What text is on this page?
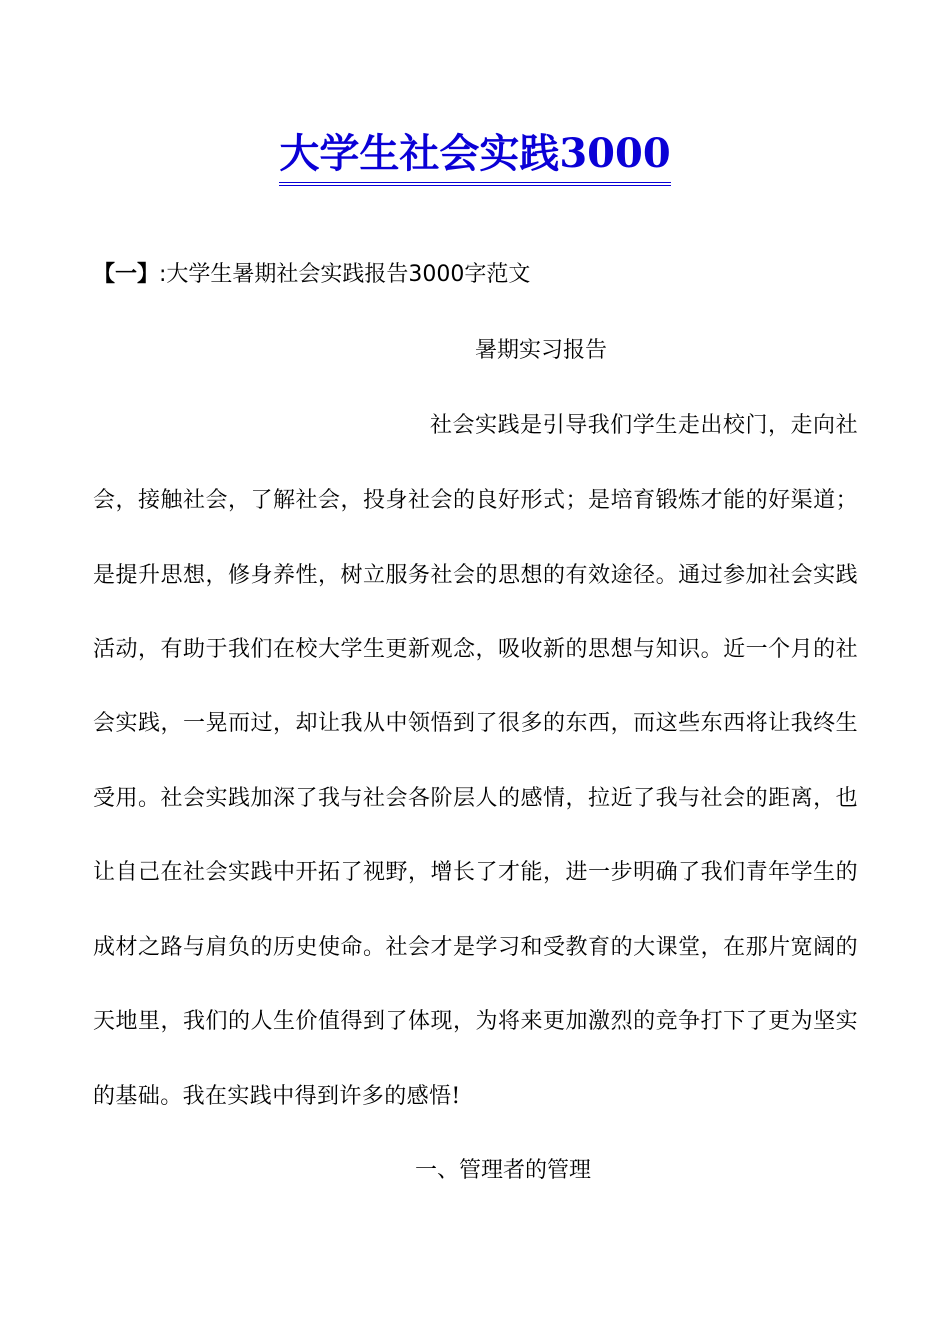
大学生社会实践3000
【一】:大学生暑期社会实践报告3000字范文
暑期实习报告
社会实践是引导我们学生走出校门，走向社
会，接触社会，了解社会，投身社会的良好形式；是培育锻炼才能的好渠道；
是提升思想，修身养性，树立服务社会的思想的有效途径。通过参加社会实践
活动，有助于我们在校大学生更新观念，吸收新的思想与知识。近一个月的社
会实践，一晃而过，却让我从中领悟到了很多的东西，而这些东西将让我终生
受用。社会实践加深了我与社会各阶层人的感情，拉近了我与社会的距离，也
让自己在社会实践中开拓了视野，增长了才能，进一步明确了我们青年学生的
成材之路与肩负的历史使命。社会才是学习和受教育的大课堂，在那片宽阔的
天地里，我们的人生价值得到了体现，为将来更加激烈的竞争打下了更为坚实
的基础。我在实践中得到许多的感悟!
一、管理者的管理
